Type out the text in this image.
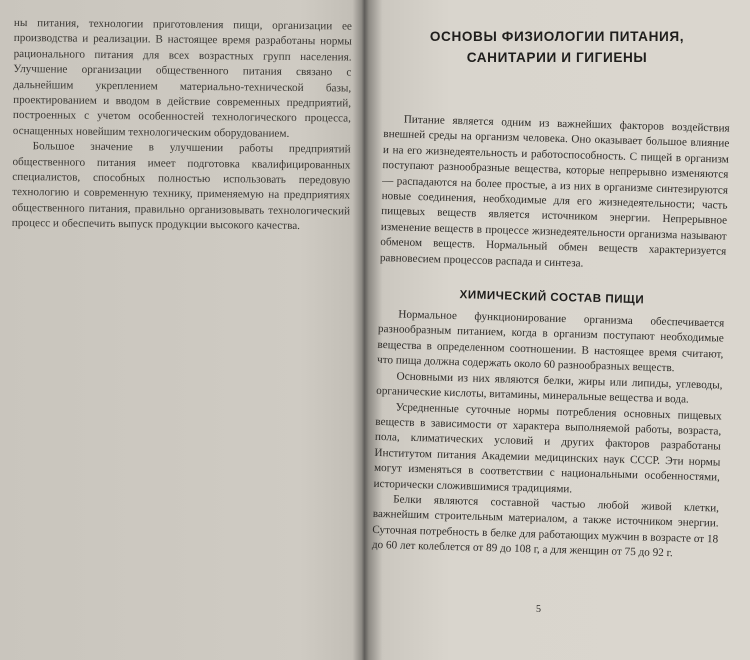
ны питания, технологии приготовления пищи, организации ее производства и реализации. В настоящее время разработаны нормы рационального питания для всех возрастных групп населения. Улучшение организации общественного питания связано с дальнейшим укреплением материально-технической базы, проектированием и вводом в действие современных предприятий, построенных с учетом особенностей технологического процесса, оснащенных новейшим технологическим оборудованием.

Большое значение в улучшении работы предприятий общественного питания имеет подготовка квалифицированных специалистов, способных полностью использовать передовую технологию и современную технику, применяемую на предприятиях общественного питания, правильно организовывать технологический процесс и обеспечить выпуск продукции высокого качества.

ОСНОВЫ ФИЗИОЛОГИИ ПИТАНИЯ,
САНИТАРИИ И ГИГИЕНЫ

Питание является одним из важнейших факторов воздействия внешней среды на организм человека. Оно оказывает большое влияние и на его жизнедеятельность и работоспособность. С пищей в организм поступают разнообразные вещества, которые непрерывно изменяются — распадаются на более простые, а из них в организме синтезируются новые соединения, необходимые для его жизнедеятельности; часть пищевых веществ является источником энергии. Непрерывное изменение веществ в процессе жизнедеятельности организма называют обменом веществ. Нормальный обмен веществ характеризуется равновесием процессов распада и синтеза.

ХИМИЧЕСКИЙ СОСТАВ ПИЩИ

Нормальное функционирование организма обеспечивается разнообразным питанием, когда в организм поступают необходимые вещества в определенном соотношении. В настоящее время считают, что пища должна содержать около 60 разнообразных веществ.

Основными из них являются белки, жиры или липиды, углеводы, органические кислоты, витамины, минеральные вещества и вода.

Усредненные суточные нормы потребления основных пищевых веществ в зависимости от характера выполняемой работы, возраста, пола, климатических условий и других факторов разработаны Институтом питания Академии медицинских наук СССР. Эти нормы могут изменяться в соответствии с национальными особенностями, исторически сложившимися традициями.

Белки являются составной частью любой живой клетки, важнейшим строительным материалом, а также источником энергии. Суточная потребность в белке для работающих мужчин в возрасте от 18 до 60 лет колеблется от 89 до 108 г, а для женщин от 75 до 92 г.

5
